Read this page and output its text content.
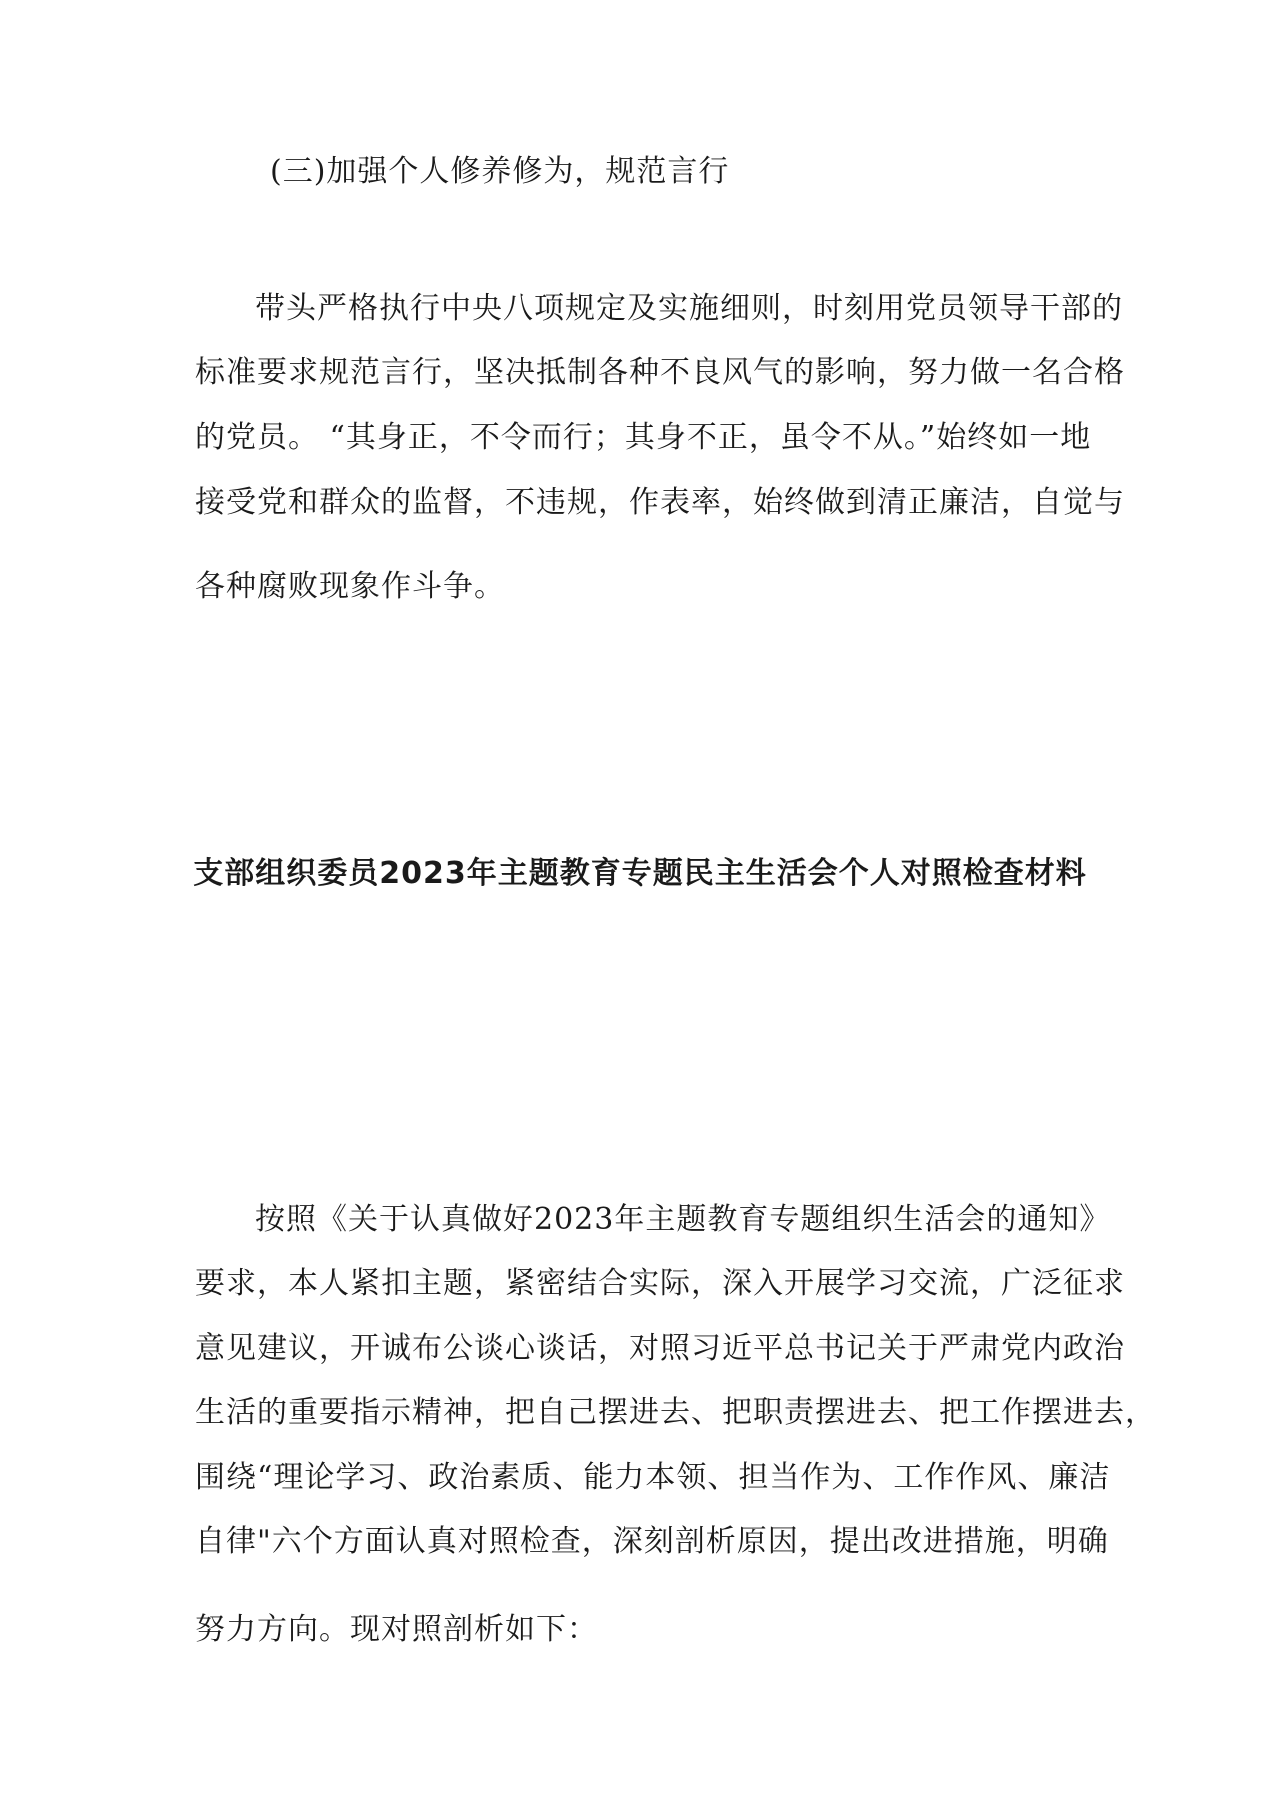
(三)加强个人修养修为，规范言行
带头严格执行中央八项规定及实施细则，时刻用党员领导干部的
标准要求规范言行，坚决抵制各种不良风气的影响，努力做一名合格
的党员。 “其身正，不令而行；其身不正，虽令不从。”始终如一地
接受党和群众的监督，不违规，作表率，始终做到清正廉洁，自觉与
各种腐败现象作斗争。
支部组织委员2023年主题教育专题民主生活会个人对照检查材料
按照《关于认真做好2023年主题教育专题组织生活会的通知》
要求，本人紧扣主题，紧密结合实际，深入开展学习交流，广泛征求
意见建议，开诚布公谈心谈话，对照习近平总书记关于严肃党内政治
生活的重要指示精神，把自己摆进去、把职责摆进去、把工作摆进去，
围绕“理论学习、政治素质、能力本领、担当作为、工作作风、廉洁
自律"六个方面认真对照检查，深刻剖析原因，提出改进措施，明确
努力方向。现对照剖析如下：
